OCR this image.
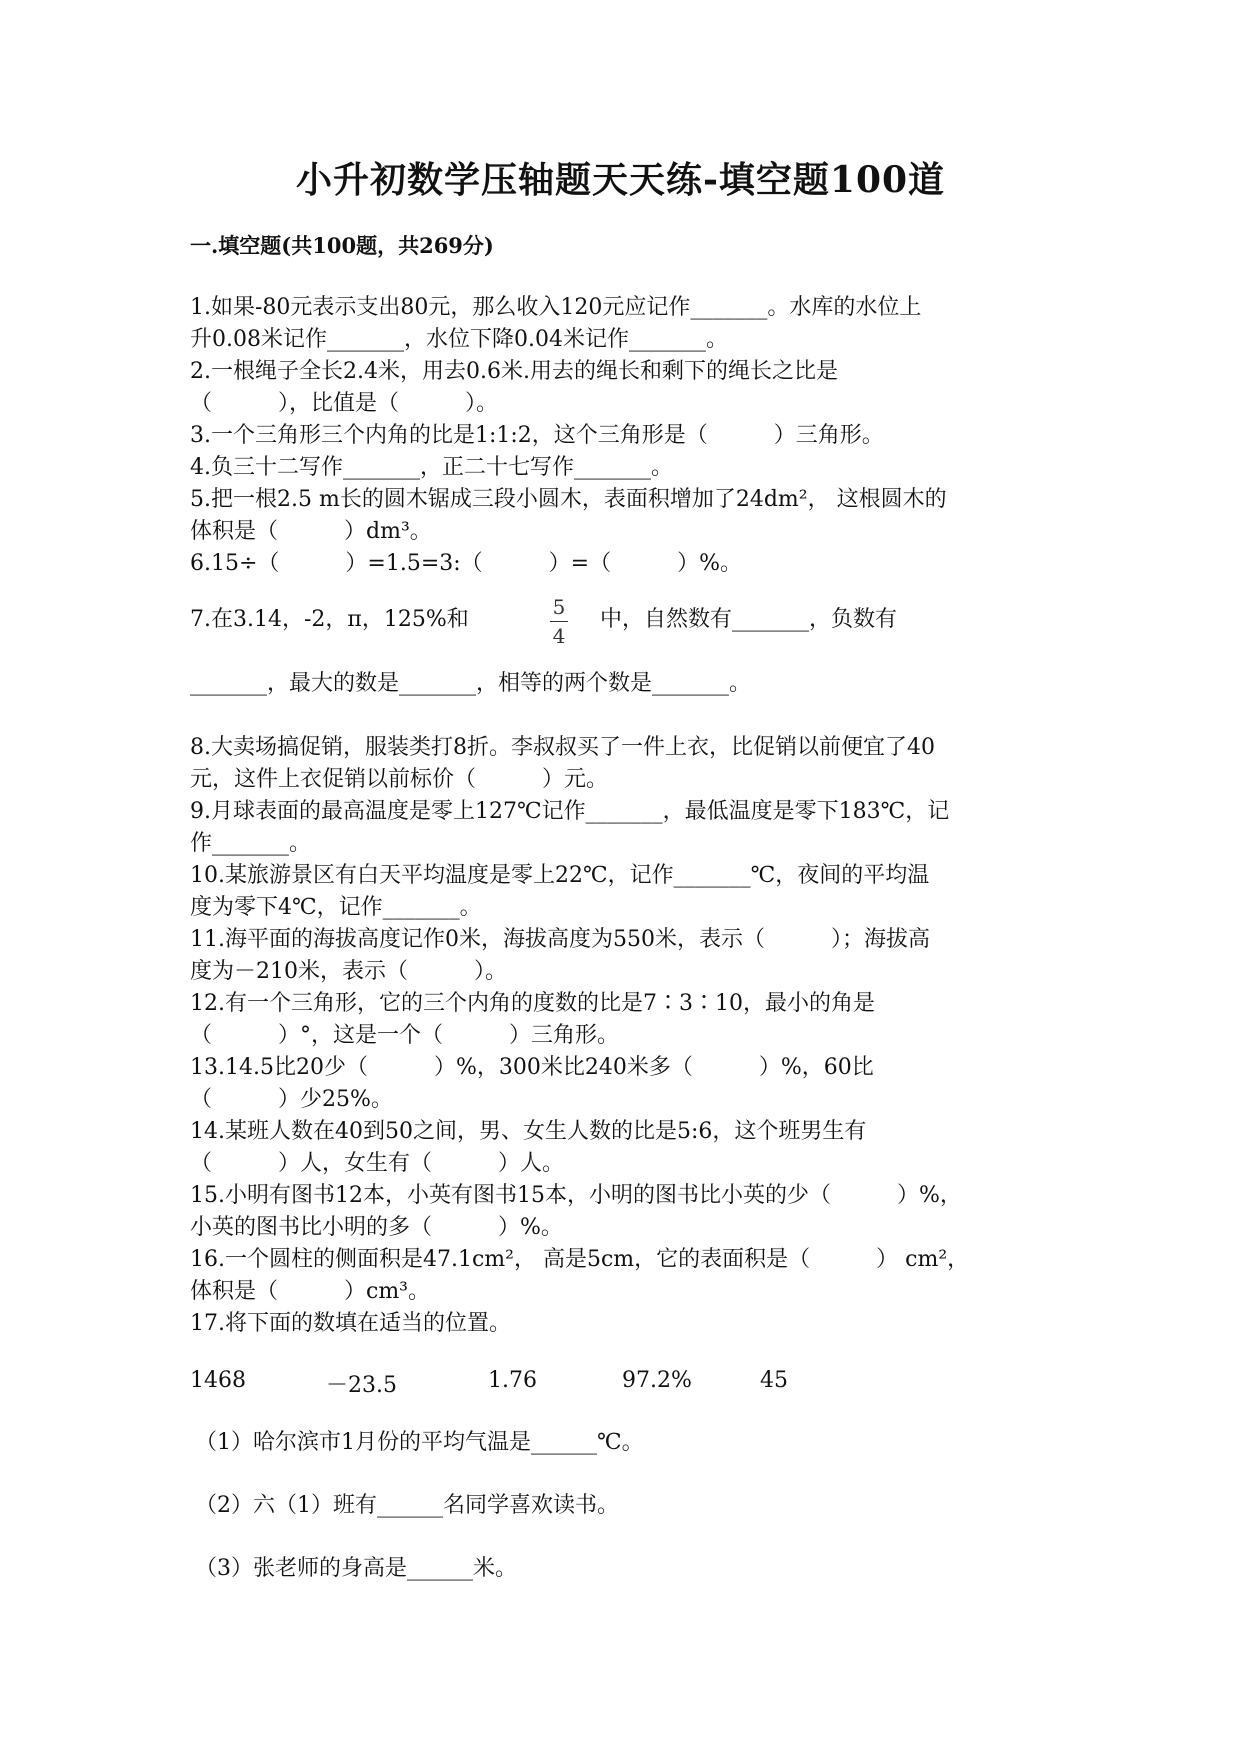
小升初数学压轴题天天练-填空题100道
一.填空题(共100题，共269分)
1.如果-80元表示支出80元，那么收入120元应记作_______。水库的水位上
升0.08米记作_______，水位下降0.04米记作_______。
2.一根绳子全长2.4米，用去0.6米.用去的绳长和剩下的绳长之比是
（　　　），比值是（　　　）。
3.一个三角形三个内角的比是1:1:2，这个三角形是（　　　）三角形。
4.负三十二写作_______，正二十七写作_______。
5.把一根2.5 m长的圆木锯成三段小圆木，表面积增加了24dm²， 这根圆木的
体积是（　　　）dm³。
6.15÷（　　　）=1.5=3:（　　　）=（　　　）%。
7.在3.14，-2，π，125%和	5
4
中，自然数有_______，负数有
_______，最大的数是_______，相等的两个数是_______。
8.大卖场搞促销，服装类打8折。李叔叔买了一件上衣，比促销以前便宜了40
元，这件上衣促销以前标价（　　　）元。
9.月球表面的最高温度是零上127℃记作_______，最低温度是零下183℃，记
作_______。
10.某旅游景区有白天平均温度是零上22℃，记作_______℃，夜间的平均温
度为零下4℃，记作_______。
11.海平面的海拔高度记作0米，海拔高度为550米，表示（　　　）；海拔高
度为－210米，表示（　　　）。
12.有一个三角形，它的三个内角的度数的比是7∶3∶10，最小的角是
（　　　）°，这是一个（　　　）三角形。
13.14.5比20少（　　　）%，300米比240米多（　　　）%，60比
（　　　）少25%。
14.某班人数在40到50之间，男、女生人数的比是5:6，这个班男生有
（　　　）人，女生有（　　　）人。
15.小明有图书12本，小英有图书15本，小明的图书比小英的少（　　　）%，
小英的图书比小明的多（　　　）%。
16.一个圆柱的侧面积是47.1cm²， 高是5cm，它的表面积是（　　　） cm²，
体积是（　　　）cm³。
17.将下面的数填在适当的位置。
1468	－23.5	1.76	97.2%	45
（1）哈尔滨市1月份的平均气温是______℃。
（2）六（1）班有______名同学喜欢读书。
（3）张老师的身高是______米。
